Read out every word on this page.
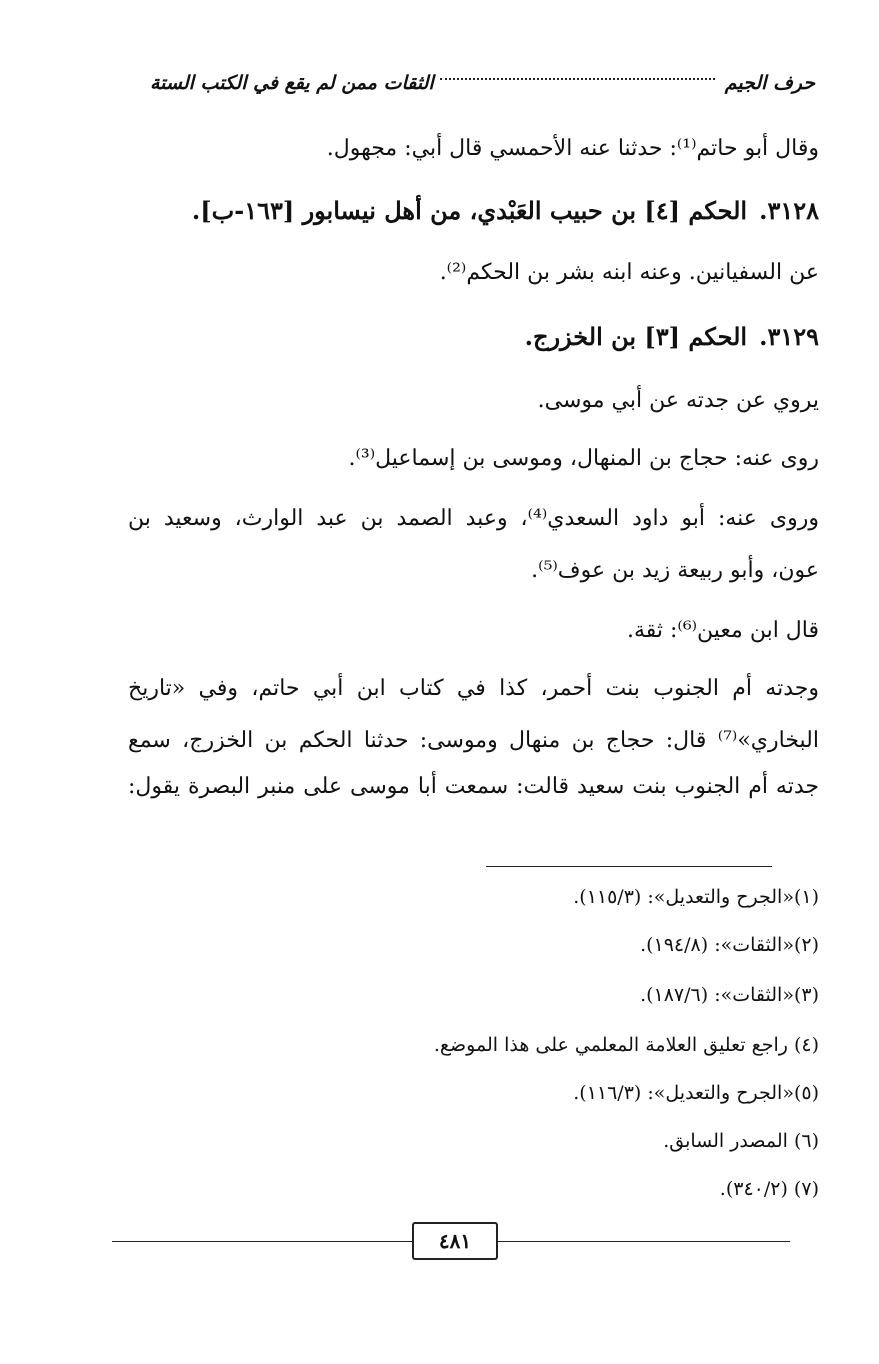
حرف الجيم
الثقات ممن لم يقع في الكتب الستة
وقال أبو حاتم⁽¹⁾: حدثنا عنه الأحمسي قال أبي: مجهول.
٣١٢٨.الحكم [٤] بن حبيب العَبْدي، من أهل نيسابور [١٦٣-ب].
عن السفيانين. وعنه ابنه بشر بن الحكم⁽²⁾.
٣١٢٩.الحكم [٣] بن الخزرج.
يروي عن جدته عن أبي موسى.
روى عنه: حجاج بن المنهال، وموسى بن إسماعيل⁽³⁾.
وروى عنه: أبو داود السعدي⁽⁴⁾، وعبد الصمد بن عبد الوارث، وسعيد بن
عون، وأبو ربيعة زيد بن عوف⁽⁵⁾.
قال ابن معين⁽⁶⁾: ثقة.
وجدته أم الجنوب بنت أحمر، كذا في كتاب ابن أبي حاتم، وفي «تاريخ
البخاري»⁽⁷⁾ قال: حجاج بن منهال وموسى: حدثنا الحكم بن الخزرج، سمع
جدته أم الجنوب بنت سعيد قالت: سمعت أبا موسى على منبر البصرة يقول:
(١)«الجرح والتعديل»: (١١٥/٣).
(٢)«الثقات»: (١٩٤/٨).
(٣)«الثقات»: (١٨٧/٦).
(٤) راجع تعليق العلامة المعلمي على هذا الموضع.
(٥)«الجرح والتعديل»: (١١٦/٣).
(٦) المصدر السابق.
(٧) (٣٤٠/٢).
٤٨١
